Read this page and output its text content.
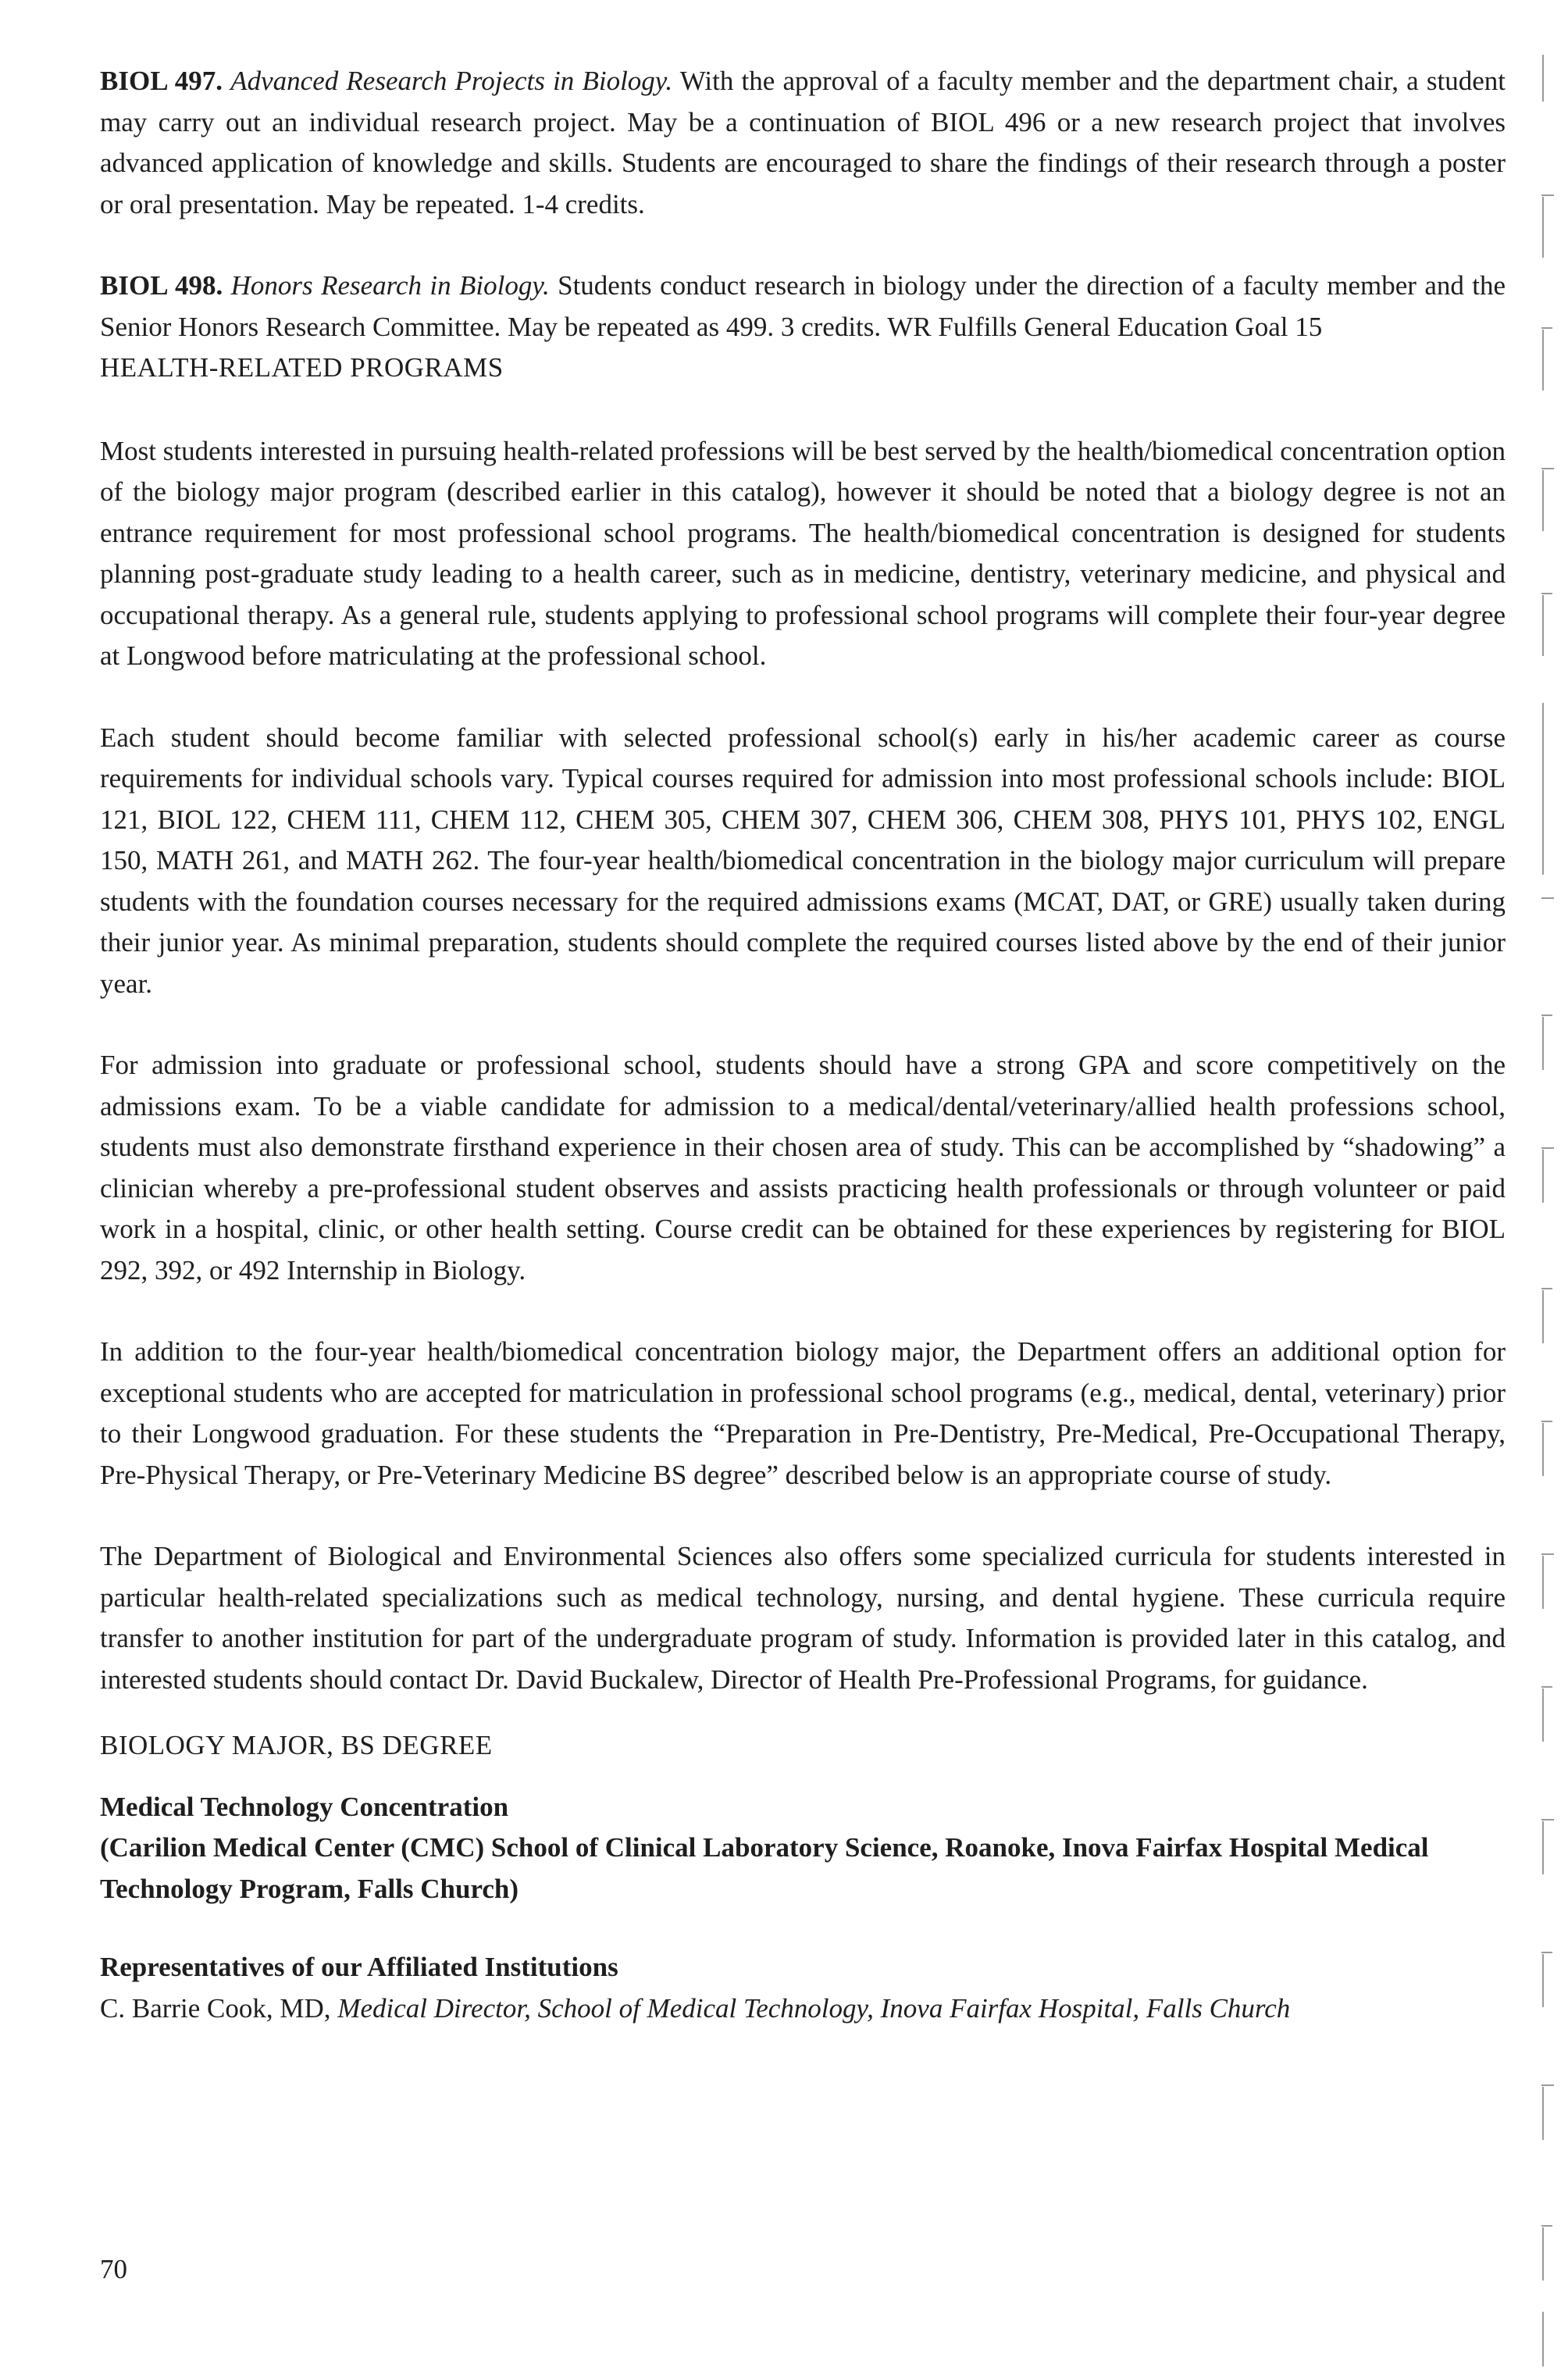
BIOL 497. Advanced Research Projects in Biology. With the approval of a faculty member and the department chair, a student may carry out an individual research project. May be a continuation of BIOL 496 or a new research project that involves advanced application of knowledge and skills. Students are encouraged to share the findings of their research through a poster or oral presentation. May be repeated. 1-4 credits.

BIOL 498. Honors Research in Biology. Students conduct research in biology under the direction of a faculty member and the Senior Honors Research Committee. May be repeated as 499. 3 credits. WR Fulfills General Education Goal 15

HEALTH-RELATED PROGRAMS

Most students interested in pursuing health-related professions will be best served by the health/biomedical concentration option of the biology major program (described earlier in this catalog), however it should be noted that a biology degree is not an entrance requirement for most professional school programs. The health/biomedical concentration is designed for students planning post-graduate study leading to a health career, such as in medicine, dentistry, veterinary medicine, and physical and occupational therapy. As a general rule, students applying to professional school programs will complete their four-year degree at Longwood before matriculating at the professional school.

Each student should become familiar with selected professional school(s) early in his/her academic career as course requirements for individual schools vary. Typical courses required for admission into most professional schools include: BIOL 121, BIOL 122, CHEM 111, CHEM 112, CHEM 305, CHEM 307, CHEM 306, CHEM 308, PHYS 101, PHYS 102, ENGL 150, MATH 261, and MATH 262. The four-year health/biomedical concentration in the biology major curriculum will prepare students with the foundation courses necessary for the required admissions exams (MCAT, DAT, or GRE) usually taken during their junior year. As minimal preparation, students should complete the required courses listed above by the end of their junior year.

For admission into graduate or professional school, students should have a strong GPA and score competitively on the admissions exam. To be a viable candidate for admission to a medical/dental/veterinary/allied health professions school, students must also demonstrate firsthand experience in their chosen area of study. This can be accomplished by “shadowing” a clinician whereby a pre-professional student observes and assists practicing health professionals or through volunteer or paid work in a hospital, clinic, or other health setting. Course credit can be obtained for these experiences by registering for BIOL 292, 392, or 492 Internship in Biology.

In addition to the four-year health/biomedical concentration biology major, the Department offers an additional option for exceptional students who are accepted for matriculation in professional school programs (e.g., medical, dental, veterinary) prior to their Longwood graduation. For these students the “Preparation in Pre-Dentistry, Pre-Medical, Pre-Occupational Therapy, Pre-Physical Therapy, or Pre-Veterinary Medicine BS degree” described below is an appropriate course of study.

The Department of Biological and Environmental Sciences also offers some specialized curricula for students interested in particular health-related specializations such as medical technology, nursing, and dental hygiene. These curricula require transfer to another institution for part of the undergraduate program of study. Information is provided later in this catalog, and interested students should contact Dr. David Buckalew, Director of Health Pre-Professional Programs, for guidance.

BIOLOGY MAJOR, BS DEGREE

Medical Technology Concentration

(Carilion Medical Center (CMC) School of Clinical Laboratory Science, Roanoke, Inova Fairfax Hospital Medical Technology Program, Falls Church)

Representatives of our Affiliated Institutions

C. Barrie Cook, MD, Medical Director, School of Medical Technology, Inova Fairfax Hospital, Falls Church

70
